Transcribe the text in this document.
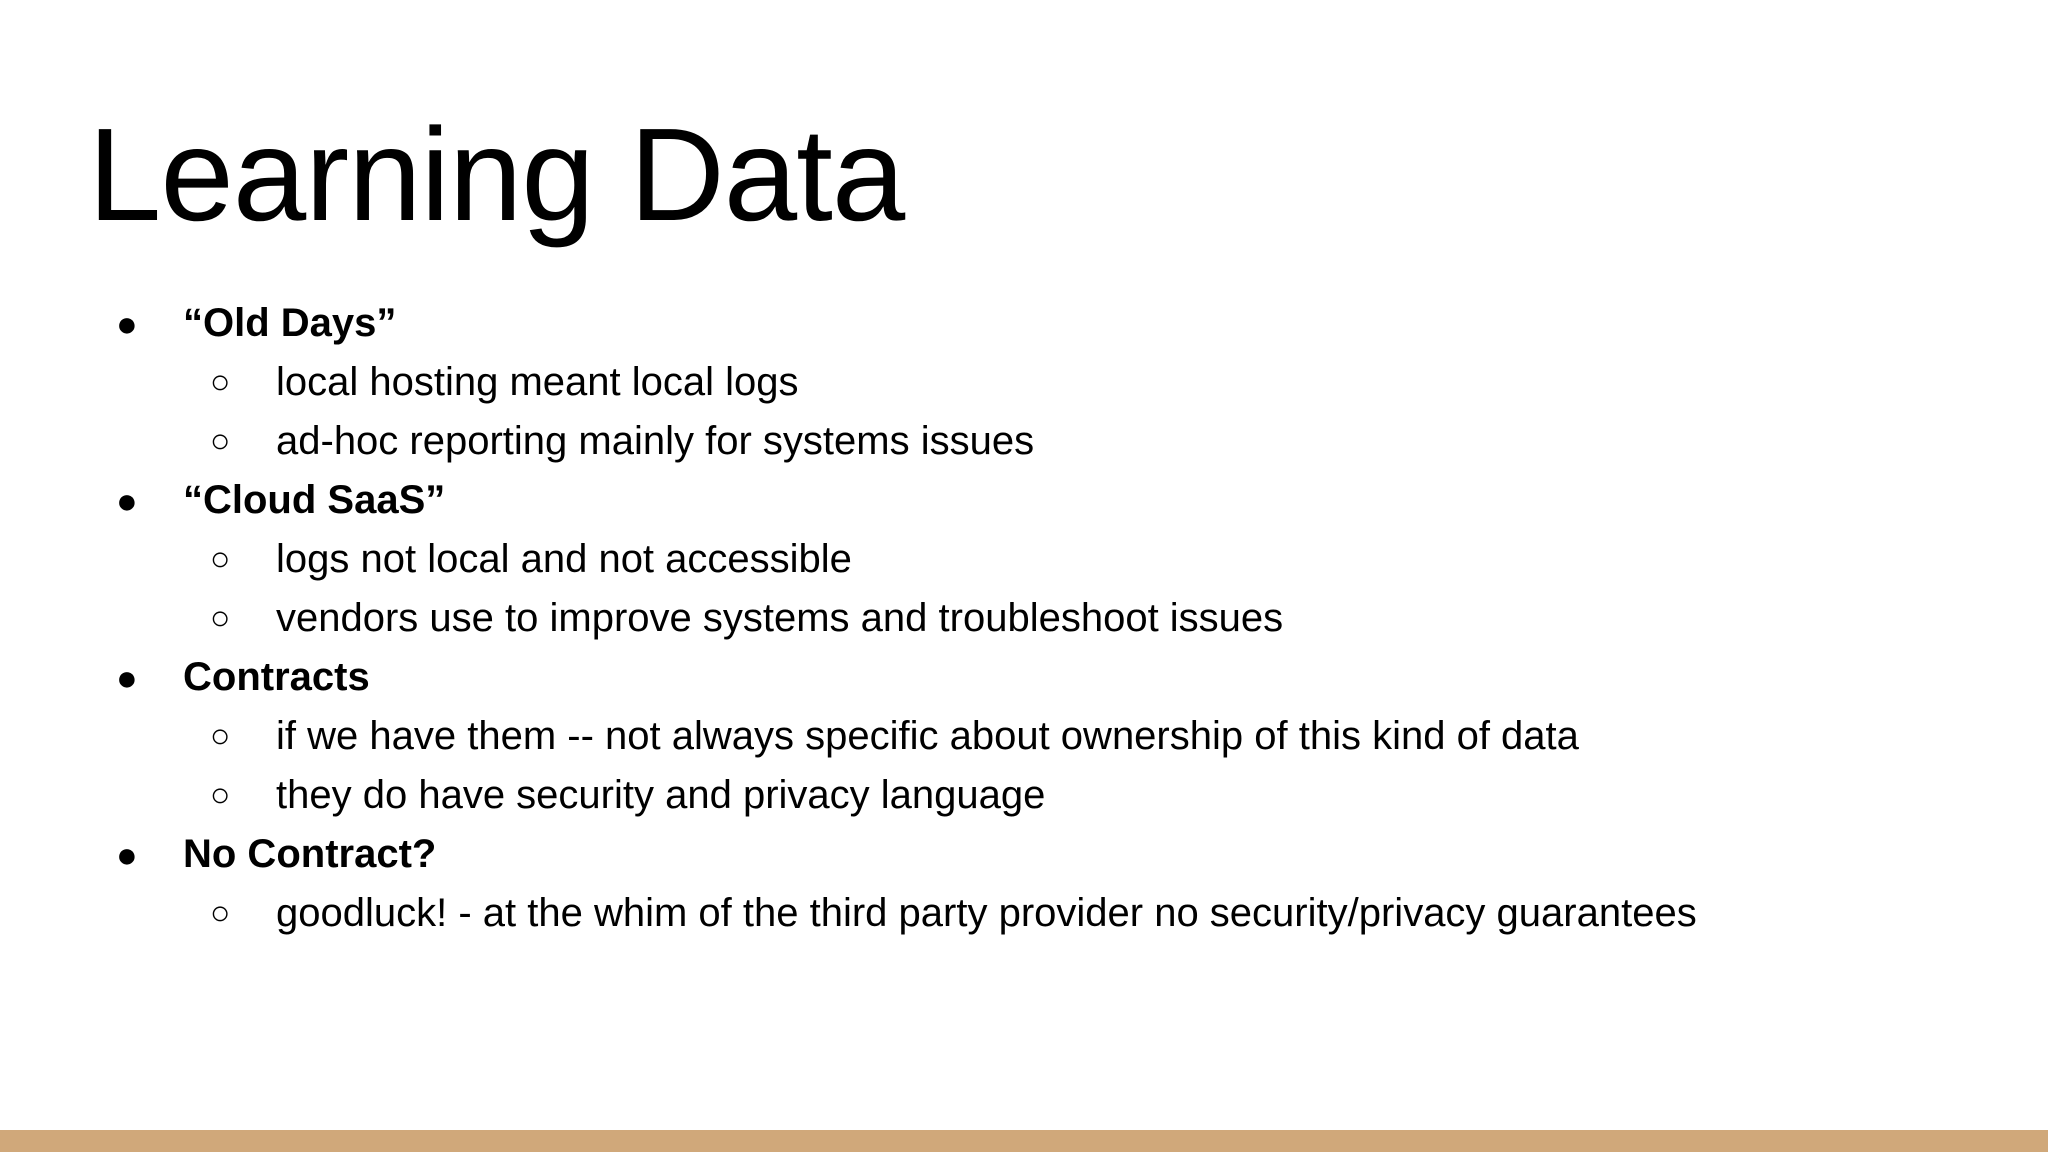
Learning Data
● “Old Days”
○ local hosting meant local logs
○ ad-hoc reporting mainly for systems issues
● “Cloud SaaS”
○ logs not local and not accessible
○ vendors use to improve systems and troubleshoot issues
● Contracts
○ if we have them -- not always specific about ownership of this kind of data
○ they do have security and privacy language
● No Contract?
○ goodluck! - at the whim of the third party provider no security/privacy guarantees
